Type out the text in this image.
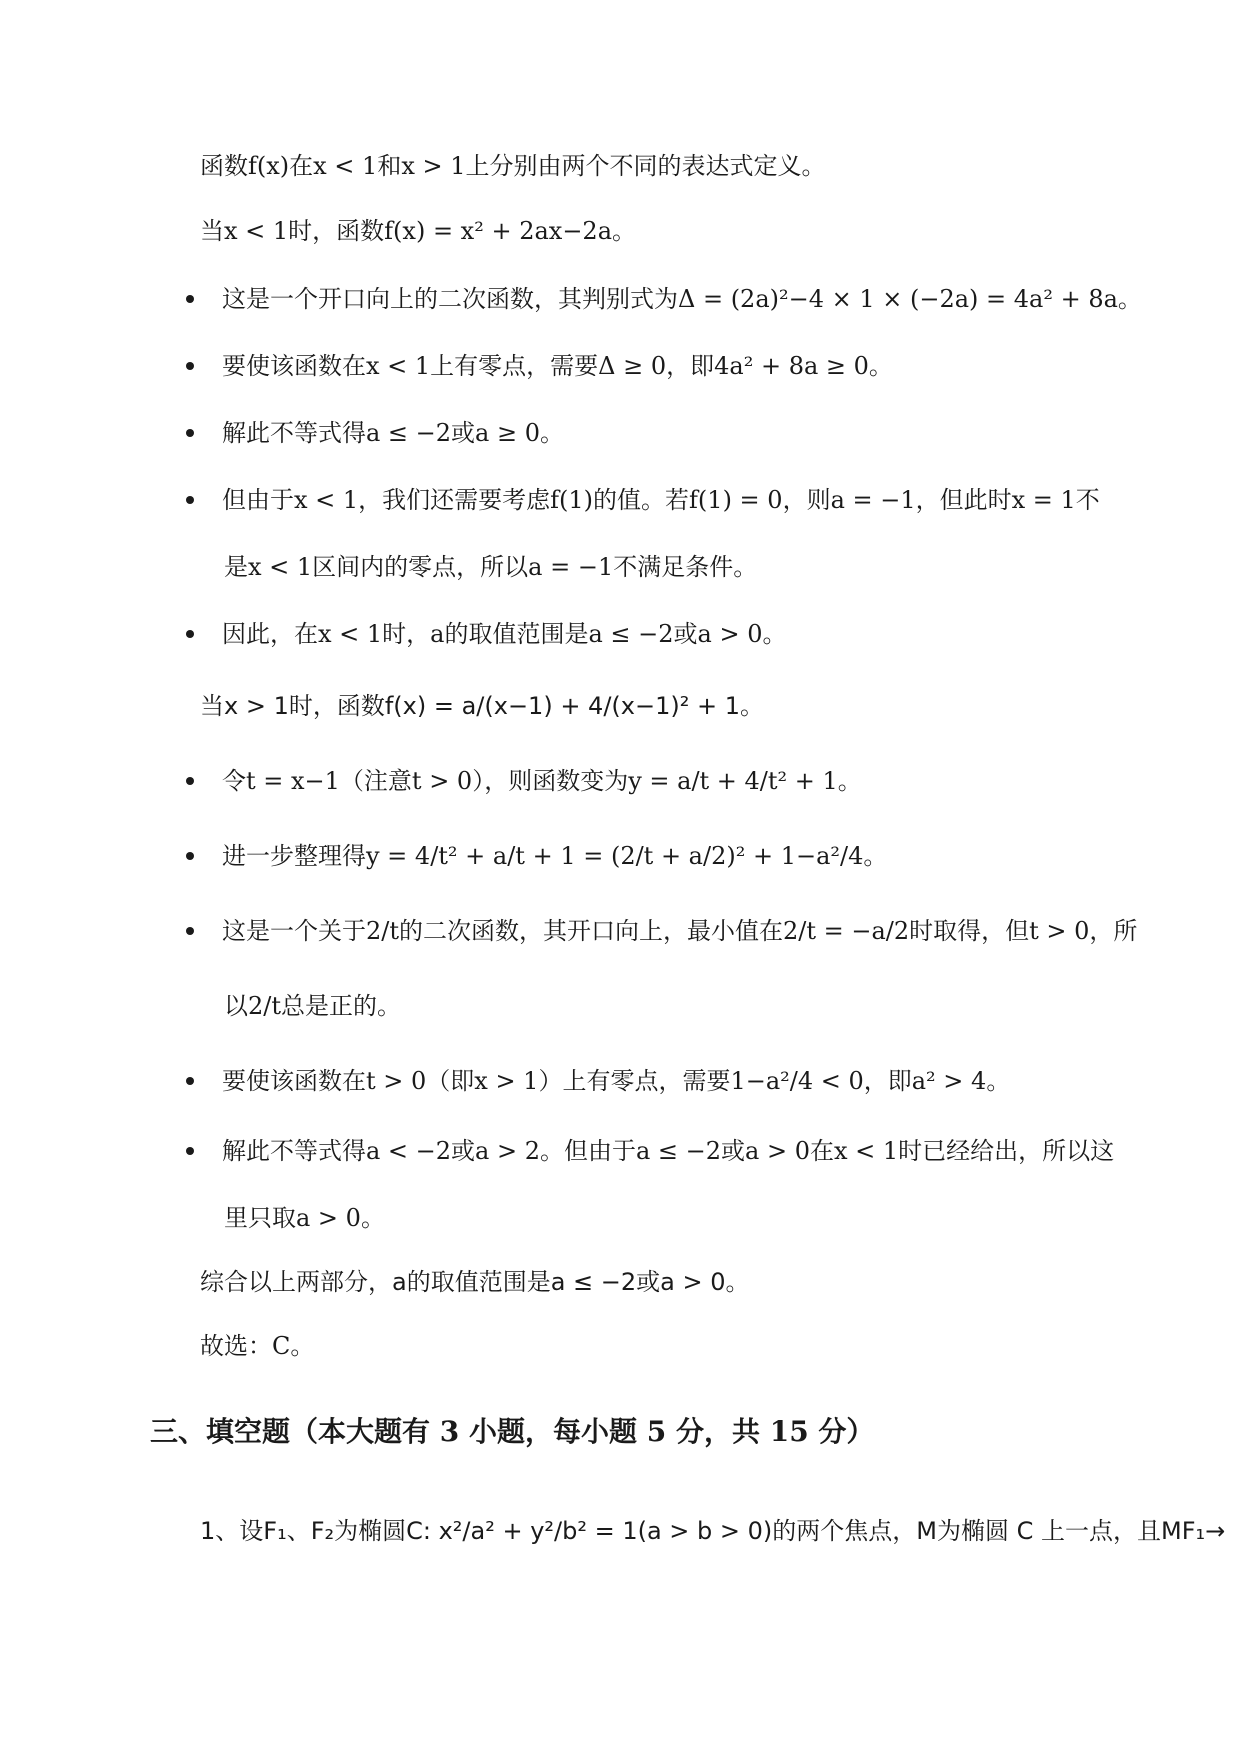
函数f(x)在x < 1和x > 1上分别由两个不同的表达式定义。
当x < 1时，函数f(x) = x² + 2ax−2a。
这是一个开口向上的二次函数，其判别式为Δ = (2a)²−4 × 1 × (−2a) = 4a² + 8a。
要使该函数在x < 1上有零点，需要Δ ≥ 0，即4a² + 8a ≥ 0。
解此不等式得a ≤ −2或a ≥ 0。
但由于x < 1，我们还需要考虑f(1)的值。若f(1) = 0，则a = −1，但此时x = 1不
是x < 1区间内的零点，所以a = −1不满足条件。
因此，在x < 1时，a的取值范围是a ≤ −2或a > 0。
当x > 1时，函数f(x) = a/(x−1) + 4/(x−1)² + 1。
令t = x−1（注意t > 0），则函数变为y = a/t + 4/t² + 1。
进一步整理得y = 4/t² + a/t + 1 = (2/t + a/2)² + 1−a²/4。
这是一个关于2/t的二次函数，其开口向上，最小值在2/t = −a/2时取得，但t > 0，所
以2/t总是正的。
要使该函数在t > 0（即x > 1）上有零点，需要1−a²/4 < 0，即a² > 4。
解此不等式得a < −2或a > 2。但由于a ≤ −2或a > 0在x < 1时已经给出，所以这
里只取a > 0。
综合以上两部分，a的取值范围是a ≤ −2或a > 0。
故选：C。
三、填空题（本大题有 3 小题，每小题 5 分，共 15 分）
1、设F₁、F₂为椭圆C: x²/a² + y²/b² = 1(a > b > 0)的两个焦点，M为椭圆 C 上一点，且MF₁→
